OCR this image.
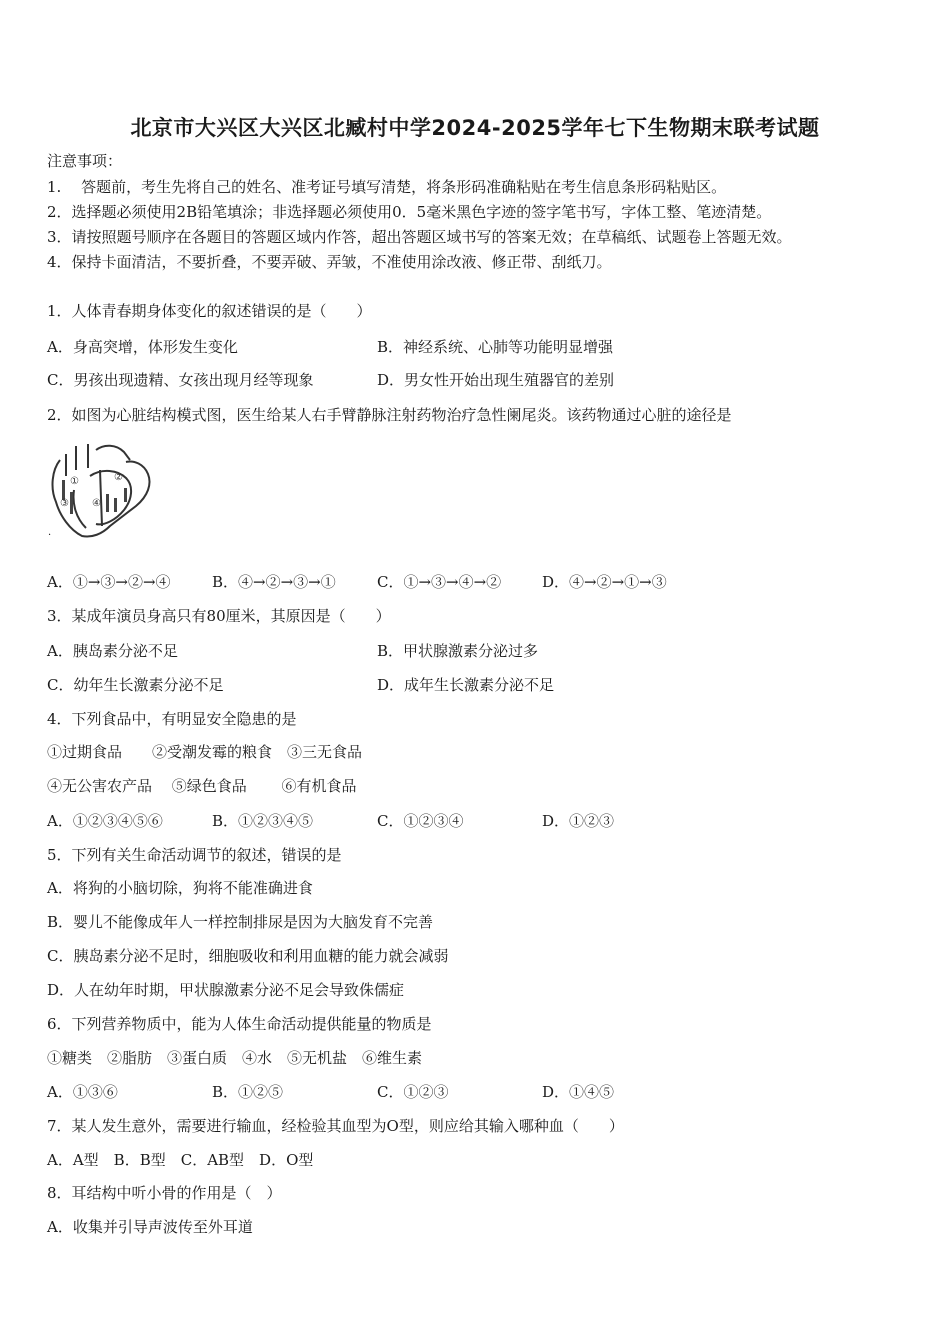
北京市大兴区大兴区北臧村中学2024-2025学年七下生物期末联考试题
注意事项：
1.　 答题前，考生先将自己的姓名、准考证号填写清楚，将条形码准确粘贴在考生信息条形码粘贴区。
2．选择题必须使用2B铅笔填涂；非选择题必须使用0．5毫米黑色字迹的签字笔书写，字体工整、笔迹清楚。
3．请按照题号顺序在各题目的答题区域内作答，超出答题区域书写的答案无效；在草稿纸、试题卷上答题无效。
4．保持卡面清洁，不要折叠，不要弄破、弄皱，不准使用涂改液、修正带、刮纸刀。
1．人体青春期身体变化的叙述错误的是（　　）
A．身高突增，体形发生变化	B．神经系统、心肺等功能明显增强
C．男孩出现遗精、女孩出现月经等现象	D．男女性开始出现生殖器官的差别
2．如图为心脏结构模式图，医生给某人右手臂静脉注射药物治疗急性阑尾炎。该药物通过心脏的途径是
①	②
③ ④
·
A．①→③→②→④	B．④→②→③→①	C．①→③→④→②	D．④→②→①→③
3．某成年演员身高只有80厘米，其原因是（　　）
A．胰岛素分泌不足	B．甲状腺激素分泌过多
C．幼年生长激素分泌不足	D．成年生长激素分泌不足
4．下列食品中，有明显安全隐患的是
①过期食品　　②受潮发霉的粮食　③三无食品
④无公害农产品　 ⑤绿色食品　　 ⑥有机食品
A．①②③④⑤⑥	B．①②③④⑤	C．①②③④	D．①②③
5．下列有关生命活动调节的叙述，错误的是
A．将狗的小脑切除，狗将不能准确进食
B．婴儿不能像成年人一样控制排尿是因为大脑发育不完善
C．胰岛素分泌不足时，细胞吸收和利用血糖的能力就会减弱
D．人在幼年时期，甲状腺激素分泌不足会导致侏儒症
6．下列营养物质中，能为人体生命活动提供能量的物质是
①糖类　②脂肪　③蛋白质　④水　⑤无机盐　⑥维生素
A．①③⑥	B．①②⑤	C．①②③	D．①④⑤
7．某人发生意外，需要进行输血，经检验其血型为O型，则应给其输入哪种血（　　）
A．A型　B．B型　C．AB型　D．O型
8．耳结构中听小骨的作用是（　）
A．收集并引导声波传至外耳道
